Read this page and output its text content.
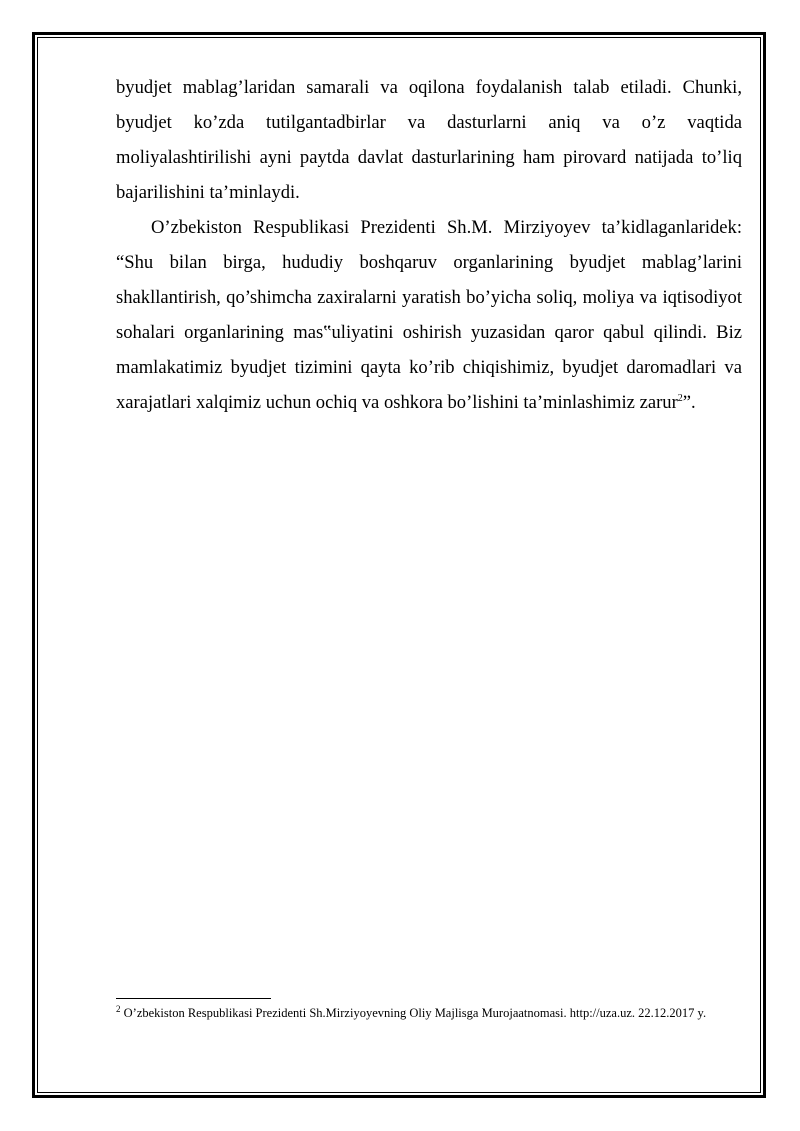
byudjet mablag’laridan samarali va oqilona foydalanish talab etiladi. Chunki, byudjet ko’zda tutilgantadbirlar va dasturlarni aniq va o’z vaqtida moliyalashtirilishi ayni paytda davlat dasturlarining ham pirovard natijada to’liq bajarilishini ta’minlaydi.

O’zbekiston Respublikasi Prezidenti Sh.M. Mirziyoyev ta’kidlaganlaridek: “Shu bilan birga, hududiy boshqaruv organlarining byudjet mablag’larini shakllantirish, qo’shimcha zaxiralarni yaratish bo’yicha soliq, moliya va iqtisodiyot sohalari organlarining mas‟uliyatini oshirish yuzasidan qaror qabul qilindi. Biz mamlakatimiz byudjet tizimini qayta ko’rib chiqishimiz, byudjet daromadlari va xarajatlari xalqimiz uchun ochiq va oshkora bo’lishini ta’minlashimiz zarur$^2$”.

$^2$ O’zbekiston Respublikasi Prezidenti Sh.Mirziyoyevning Oliy Majlisga Murojaatnomasi. http://uza.uz. 22.12.2017 y.
